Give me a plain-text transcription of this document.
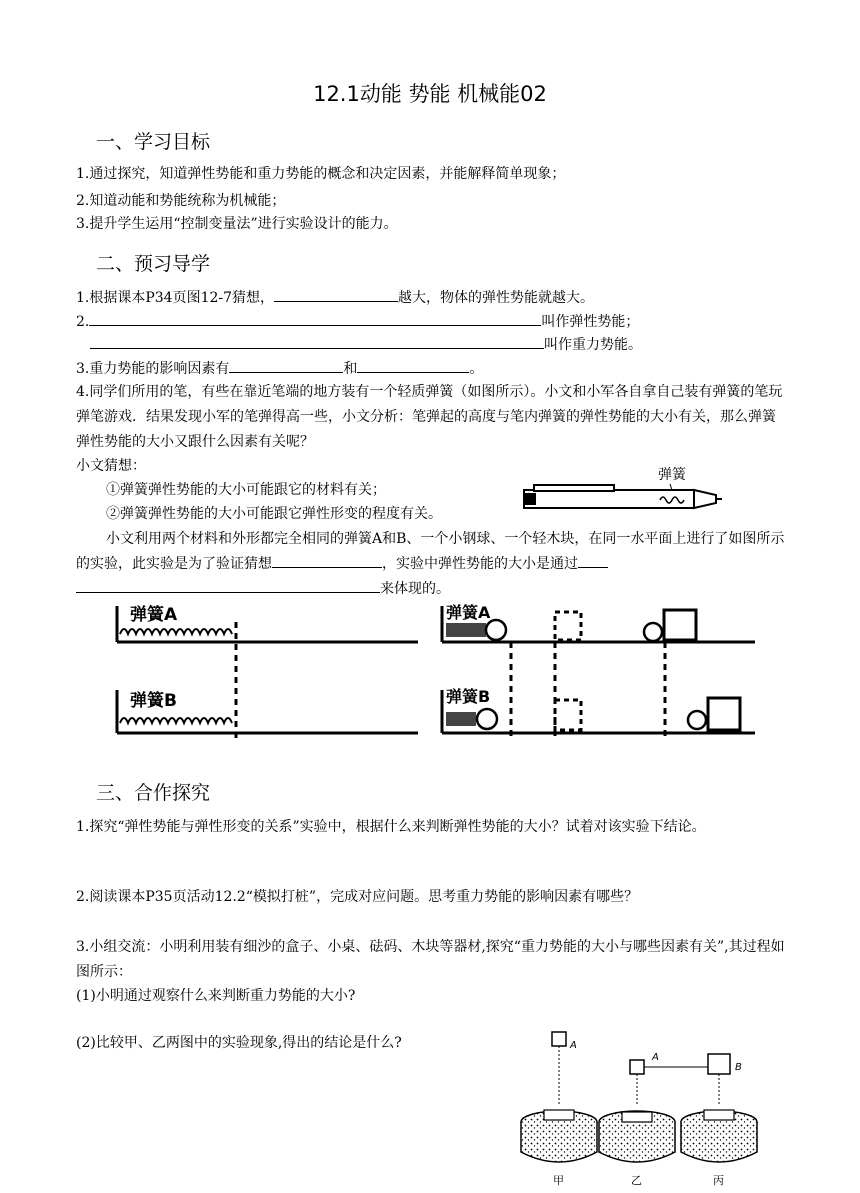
12.1动能 势能 机械能02
一、学习目标
1.通过探究，知道弹性势能和重力势能的概念和决定因素，并能解释简单现象；
2.知道动能和势能统称为机械能；
3.提升学生运用“控制变量法”进行实验设计的能力。
二、预习导学
1.根据课本P34页图12-7猜想，	越大，物体的弹性势能就越大。
2.	叫作弹性势能；
叫作重力势能。
3.重力势能的影响因素有	和	。
4.同学们所用的笔，有些在靠近笔端的地方装有一个轻质弹簧（如图所示）。小文和小军各自拿自己装有弹簧的笔玩弹笔游戏．结果发现小军的笔弹得高一些，小文分析：笔弹起的高度与笔内弹簧的弹性势能的大小有关，那么弹簧弹性势能的大小又跟什么因素有关呢？
小文猜想：
①弹簧弹性势能的大小可能跟它的材料有关；
②弹簧弹性势能的大小可能跟它弹性形变的程度有关。
弹簧
小文利用两个材料和外形都完全相同的弹簧A和B、一个小钢球、一个轻木块，在同一水平面上进行了如图所示的实验，此实验是为了验证猜想	，实验中弹性势能的大小是通过
来体现的。
弹簧A
弹簧B
弹簧A
弹簧B
三、合作探究
1.探究“弹性势能与弹性形变的关系”实验中，根据什么来判断弹性势能的大小？试着对该实验下结论。
2.阅读课本P35页活动12.2“模拟打桩”，完成对应问题。思考重力势能的影响因素有哪些？
3.小组交流：小明利用装有细沙的盒子、小桌、砝码、木块等器材,探究“重力势能的大小与哪些因素有关”,其过程如图所示：
(1)小明通过观察什么来判断重力势能的大小?
(2)比较甲、乙两图中的实验现象,得出的结论是什么?	A
A
B
甲	乙	丙
